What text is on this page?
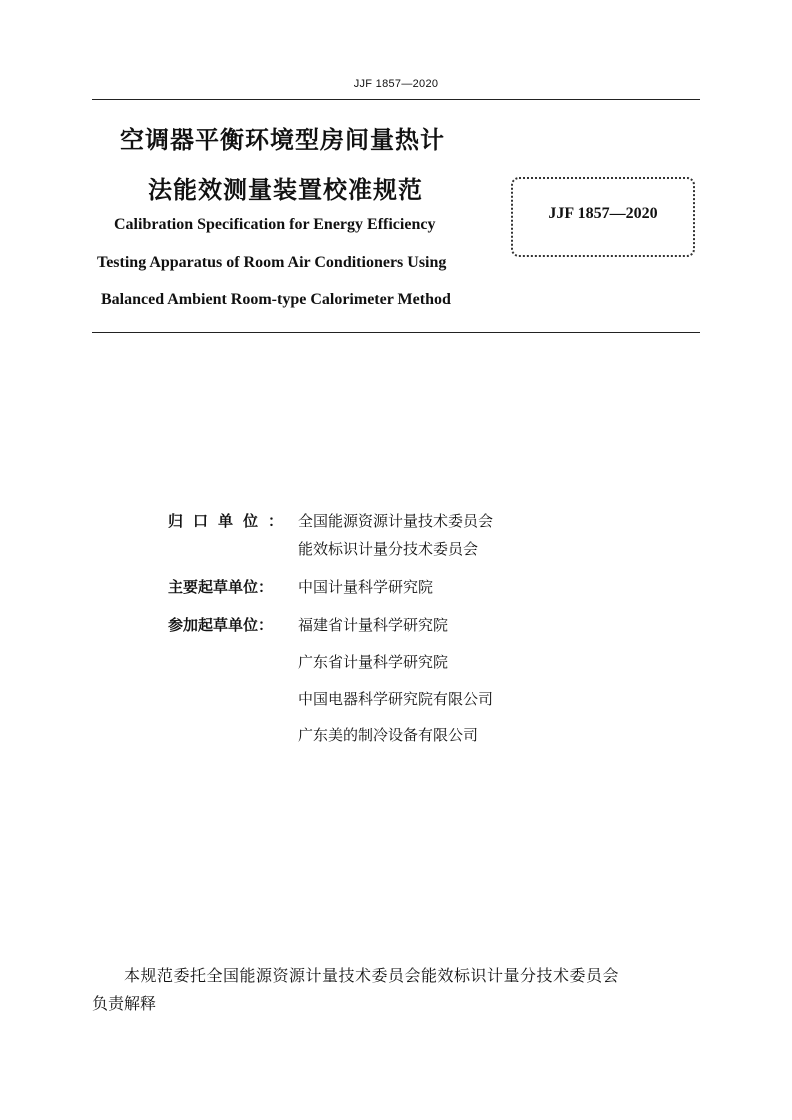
JJF 1857—2020
空调器平衡环境型房间量热计
法能效测量装置校准规范
JJF 1857—2020
Calibration Specification for Energy Efficiency
Testing Apparatus of Room Air Conditioners Using
Balanced Ambient Room-type Calorimeter Method
归口单位： 全国能源资源计量技术委员会
能效标识计量分技术委员会
主要起草单位：	中国计量科学研究院
参加起草单位：	福建省计量科学研究院
广东省计量科学研究院
中国电器科学研究院有限公司
广东美的制冷设备有限公司
本规范委托全国能源资源计量技术委员会能效标识计量分技术委员会
负责解释
